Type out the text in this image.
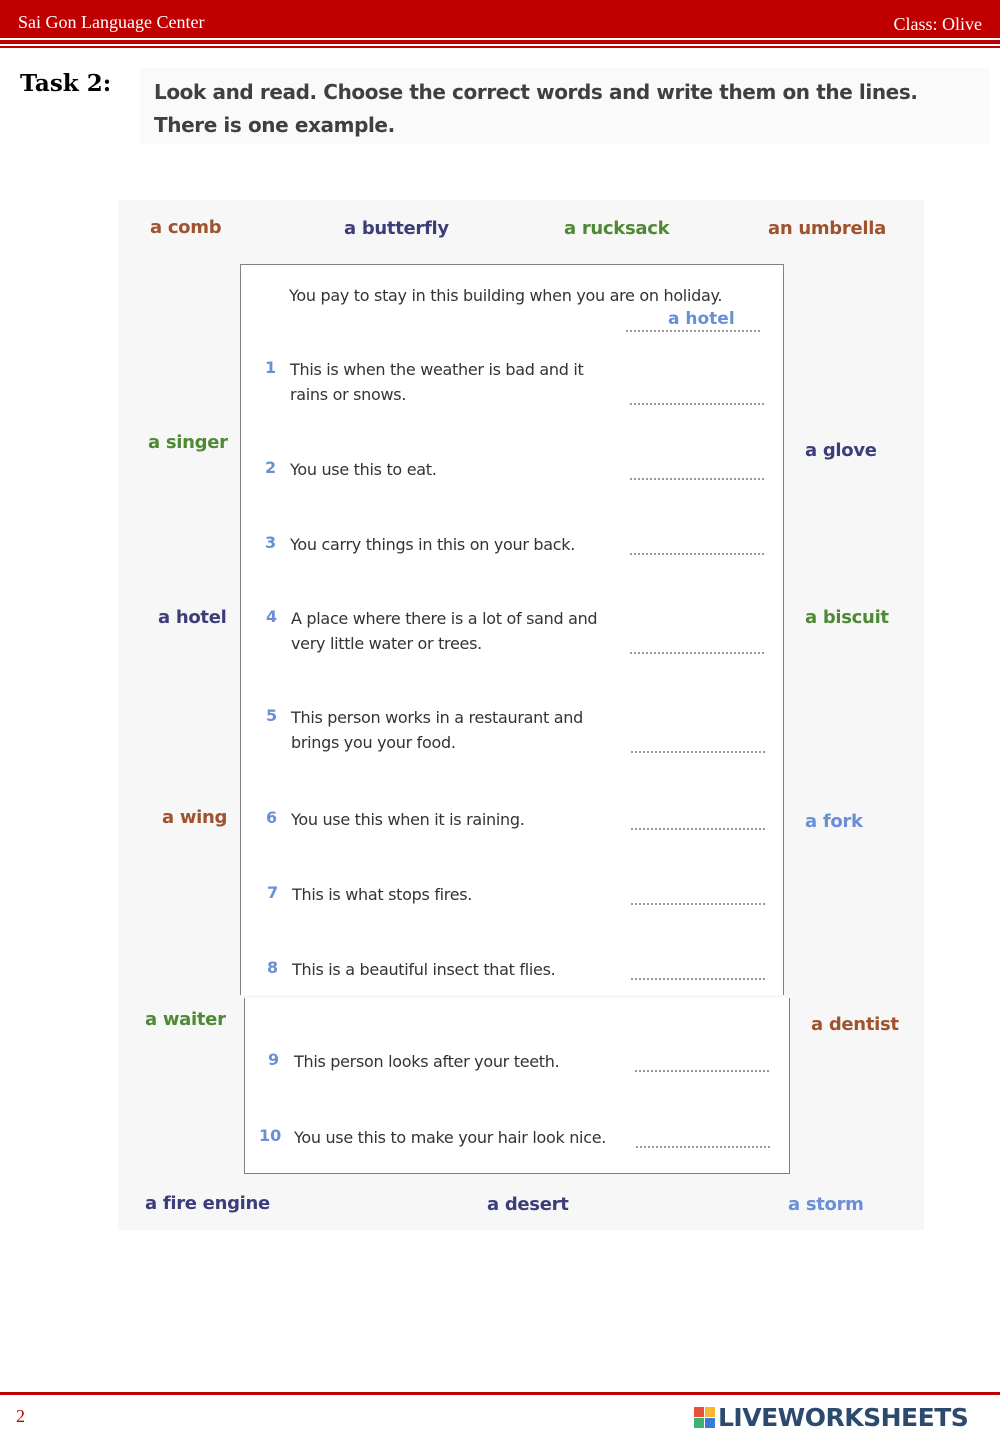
Sai Gon Language Center	Class: Olive
Task 2: Look and read. Choose the correct words and write them on the lines.
There is one example.
a comb	a butterfly	a rucksack	an umbrella
a singer	a glove
a hotel	a biscuit
a wing	a fork
a waiter	a dentist
a fire engine	a desert	a storm
You pay to stay in this building when you are on holiday.
a hotel
1 This is when the weather is bad and it
rains or snows.
2 You use this to eat.
3 You carry things in this on your back.
4 A place where there is a lot of sand and
very little water or trees.
5 This person works in a restaurant and
brings you your food.
6 You use this when it is raining.
7 This is what stops fires.
8 This is a beautiful insect that flies.
9 This person looks after your teeth.
10 You use this to make your hair look nice.
2	LIVEWORKSHEETS
